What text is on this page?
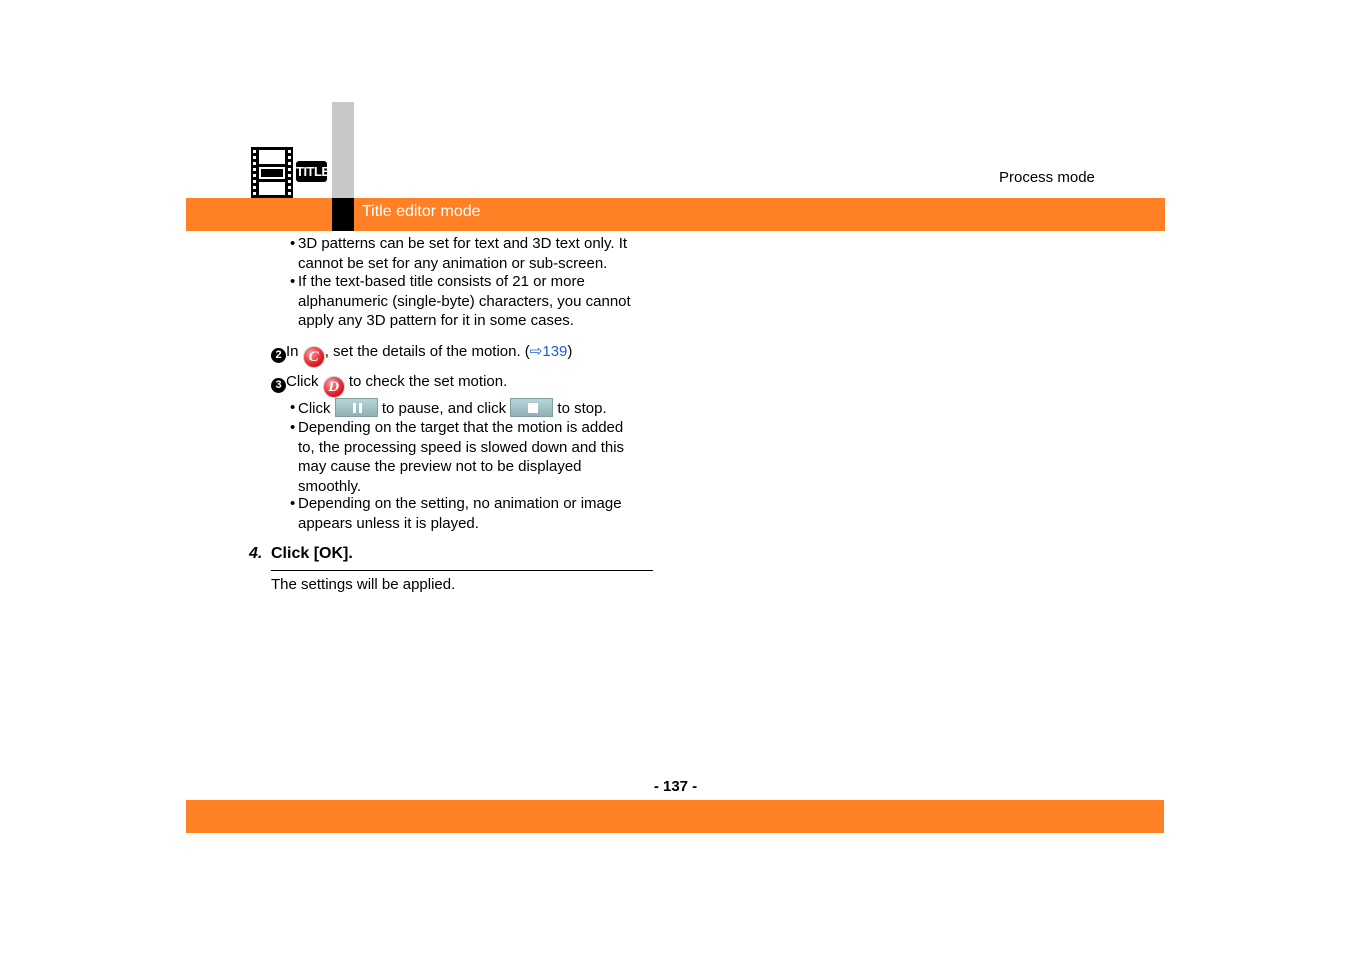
Title editor mode
Process mode
TITLE
• 3D patterns can be set for text and 3D text only. It
cannot be set for any animation or sub-screen.
• If the text-based title consists of 21 or more
alphanumeric (single-byte) characters, you cannot
apply any 3D pattern for it in some cases.
2 In C , set the details of the motion. (⇨139)
3 Click D to check the set motion.
• Click	to pause, and click	to stop.
• Depending on the target that the motion is added
to, the processing speed is slowed down and this
may cause the preview not to be displayed
smoothly.
• Depending on the setting, no animation or image
appears unless it is played.
4. Click [OK].
The settings will be applied.
- 137 -
